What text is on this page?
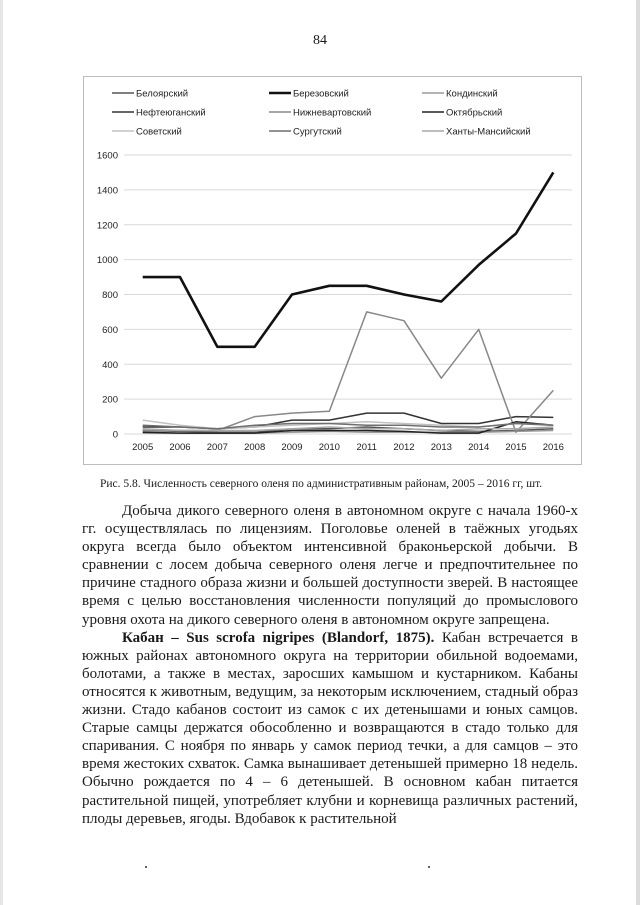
84
Белоярский	Березовский	Кондинский
Нефтеюганский	Нижневартовский	Октябрьский
Советский	Сургутский	Ханты-Мансийский
0
200
400
600
800
1000
1200
1400
1600
2005 2006 2007 2008 2009 2010 2011 2012 2013 2014 2015 2016
Рис. 5.8. Численность северного оленя по административным районам, 2005 – 2016 гг, шт.

Добыча дикого северного оленя в автономном округе с начала 1960-х гг. осуществлялась по лицензиям. Поголовье оленей в таёжных угодьях округа всегда было объектом интенсивной браконьерской добычи. В сравнении с лосем добыча северного оленя легче и предпочтительнее по причине стадного образа жизни и большей доступности зверей. В настоящее время с целью восстановления численности популяций до промыслового уровня охота на дикого северного оленя в автономном округе запрещена.

Кабан – Sus scrofa nigripes (Blandorf, 1875). Кабан встречается в южных районах автономного округа на территории обильной водоемами, болотами, а также в местах, заросших камышом и кустарником. Кабаны относятся к животным, ведущим, за некоторым исключением, стадный образ жизни. Стадо кабанов состоит из самок с их детенышами и юных самцов. Старые самцы держатся обособленно и возвращаются в стадо только для спаривания. С ноября по январь у самок период течки, а для самцов – это время жестоких схваток. Самка вынашивает детенышей примерно 18 недель. Обычно рождается по 4 – 6 детенышей. В основном кабан питается растительной пищей, употребляет клубни и корневища различных растений, плоды деревьев, ягоды. Вдобавок к растительной
